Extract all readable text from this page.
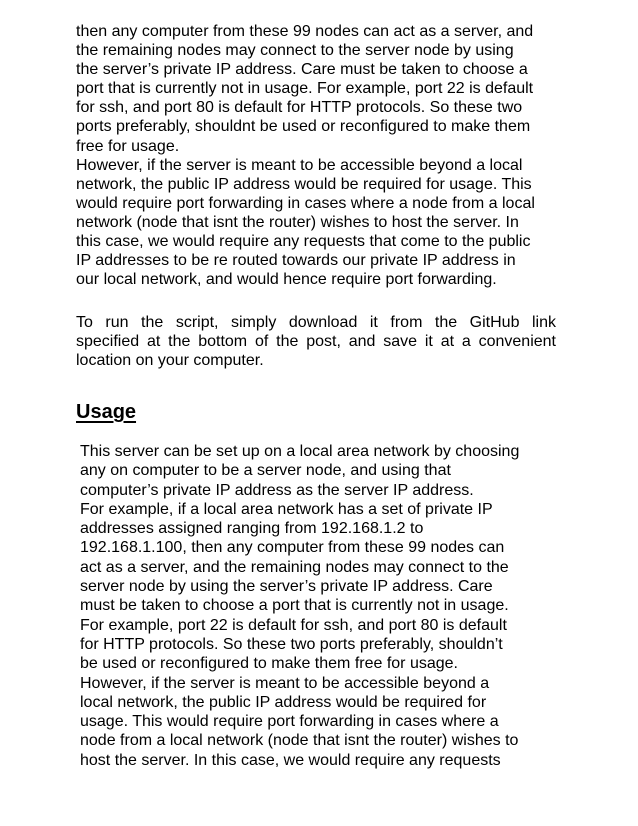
then any computer from these 99 nodes can act as a server, and
the remaining nodes may connect to the server node by using
the server’s private IP address. Care must be taken to choose a
port that is currently not in usage. For example, port 22 is default
for ssh, and port 80 is default for HTTP protocols. So these two
ports preferably, shouldnt be used or reconfigured to make them
free for usage.
However, if the server is meant to be accessible beyond a local
network, the public IP address would be required for usage. This
would require port forwarding in cases where a node from a local
network (node that isnt the router) wishes to host the server. In
this case, we would require any requests that come to the public
IP addresses to be re routed towards our private IP address in
our local network, and would hence require port forwarding.
To run the script, simply download it from the GitHub link
specified at the bottom of the post, and save it at a convenient
location on your computer.
Usage
This server can be set up on a local area network by choosing
any on computer to be a server node, and using that
computer’s private IP address as the server IP address.
For example, if a local area network has a set of private IP
addresses assigned ranging from 192.168.1.2 to
192.168.1.100, then any computer from these 99 nodes can
act as a server, and the remaining nodes may connect to the
server node by using the server’s private IP address. Care
must be taken to choose a port that is currently not in usage.
For example, port 22 is default for ssh, and port 80 is default
for HTTP protocols. So these two ports preferably, shouldn’t
be used or reconfigured to make them free for usage.
However, if the server is meant to be accessible beyond a
local network, the public IP address would be required for
usage. This would require port forwarding in cases where a
node from a local network (node that isnt the router) wishes to
host the server. In this case, we would require any requests
